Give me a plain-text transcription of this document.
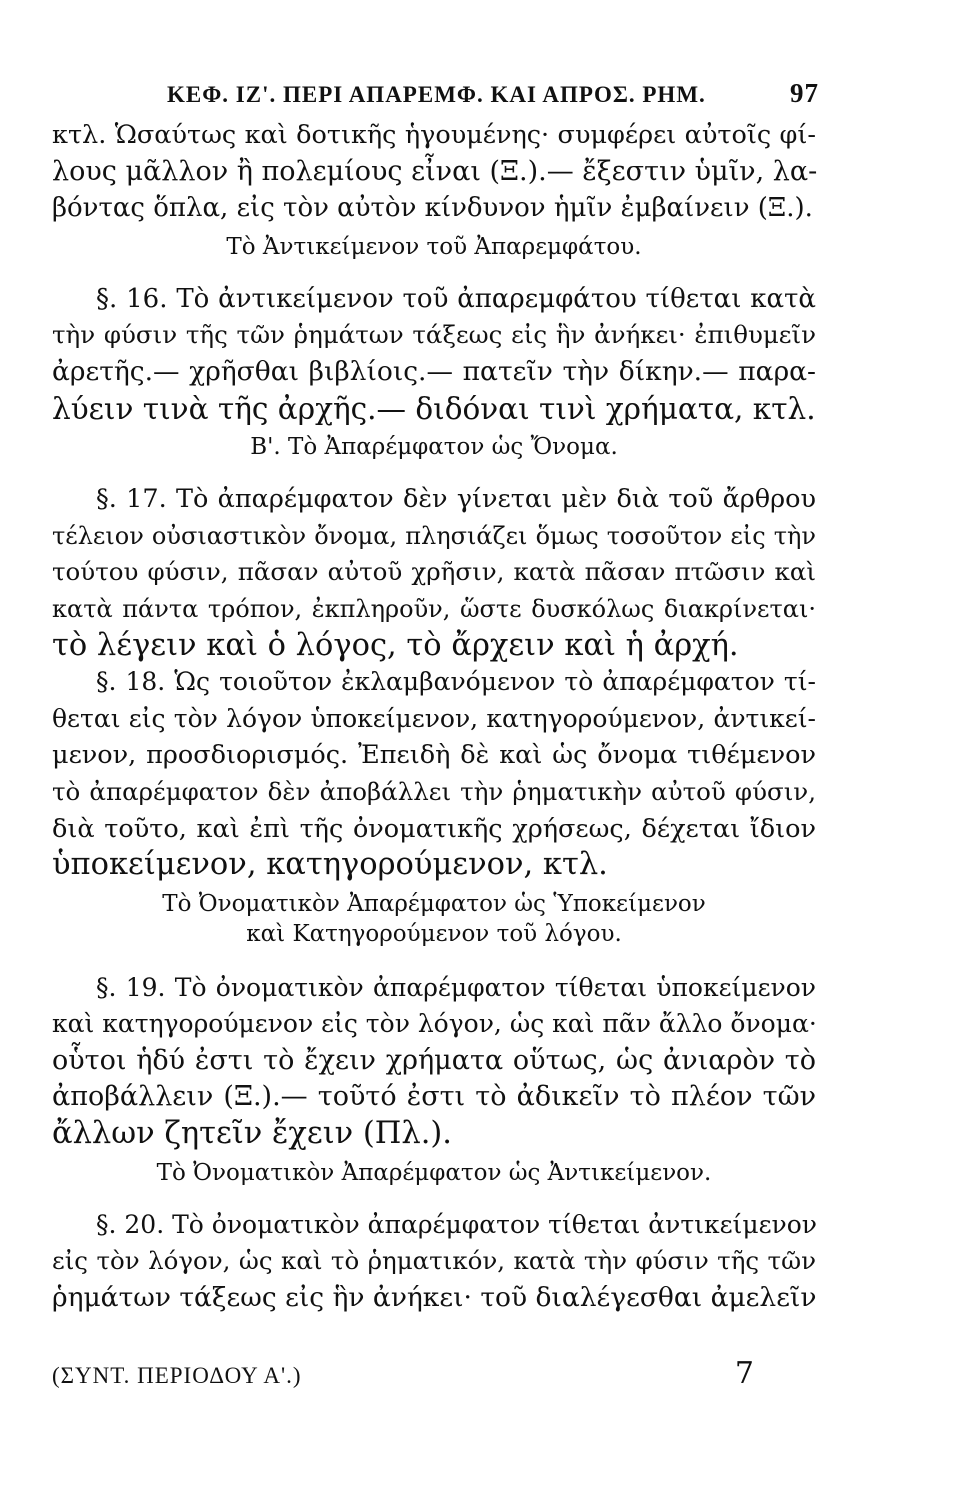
ΚΕΦ. ΙΖ'. ΠΕΡΙ ΑΠΑΡΕΜΦ. ΚΑΙ ΑΠΡΟΣ. ΡΗΜ.	97
κτλ. Ὡσαύτως καὶ δοτικῆς ἡγουμένης· συμφέρει αὐτοῖς φί-
λους μᾶλλον ἢ πολεμίους εἶναι (Ξ.).— ἔξεστιν ὑμῖν, λα-
βόντας ὅπλα, εἰς τὸν αὐτὸν κίνδυνον ἡμῖν ἐμβαίνειν (Ξ.).
Τὸ Ἀντικείμενον τοῦ Ἀπαρεμφάτου.
§. 16. Τὸ ἀντικείμενον τοῦ ἀπαρεμφάτου τίθεται κατὰ
τὴν φύσιν τῆς τῶν ῥημάτων τάξεως εἰς ἣν ἀνήκει· ἐπιθυμεῖν
ἀρετῆς.— χρῆσθαι βιβλίοις.— πατεῖν τὴν δίκην.— παρα-
λύειν τινὰ τῆς ἀρχῆς.— διδόναι τινὶ χρήματα, κτλ.
Β'. Τὸ Ἀπαρέμφατον ὡς Ὄνομα.
§. 17. Τὸ ἀπαρέμφατον δὲν γίνεται μὲν διὰ τοῦ ἄρθρου
τέλειον οὐσιαστικὸν ὄνομα, πλησιάζει ὅμως τοσοῦτον εἰς τὴν
τούτου φύσιν, πᾶσαν αὐτοῦ χρῆσιν, κατὰ πᾶσαν πτῶσιν καὶ
κατὰ πάντα τρόπον, ἐκπληροῦν, ὥστε δυσκόλως διακρίνεται·
τὸ λέγειν καὶ ὁ λόγος, τὸ ἄρχειν καὶ ἡ ἀρχή.
§. 18. Ὡς τοιοῦτον ἐκλαμβανόμενον τὸ ἀπαρέμφατον τί-
θεται εἰς τὸν λόγον ὑποκείμενον, κατηγορούμενον, ἀντικεί-
μενον, προσδιορισμός. Ἐπειδὴ δὲ καὶ ὡς ὄνομα τιθέμενον
τὸ ἀπαρέμφατον δὲν ἀποβάλλει τὴν ῥηματικὴν αὐτοῦ φύσιν,
διὰ τοῦτο, καὶ ἐπὶ τῆς ὀνοματικῆς χρήσεως, δέχεται ἴδιον
ὑποκείμενον, κατηγορούμενον, κτλ.
Τὸ Ὀνοματικὸν Ἀπαρέμφατον ὡς Ὑποκείμενον
καὶ Κατηγορούμενον τοῦ λόγου.
§. 19. Τὸ ὀνοματικὸν ἀπαρέμφατον τίθεται ὑποκείμενον
καὶ κατηγορούμενον εἰς τὸν λόγον, ὡς καὶ πᾶν ἄλλο ὄνομα·
οὗτοι ἡδύ ἐστι τὸ ἔχειν χρήματα οὕτως, ὡς ἀνιαρὸν τὸ
ἀποβάλλειν (Ξ.).— τοῦτό ἐστι τὸ ἀδικεῖν τὸ πλέον τῶν
ἄλλων ζητεῖν ἔχειν (Πλ.).
Τὸ Ὀνοματικὸν Ἀπαρέμφατον ὡς Ἀντικείμενον.
§. 20. Τὸ ὀνοματικὸν ἀπαρέμφατον τίθεται ἀντικείμενον
εἰς τὸν λόγον, ὡς καὶ τὸ ῥηματικόν, κατὰ τὴν φύσιν τῆς τῶν
ῥημάτων τάξεως εἰς ἣν ἀνήκει· τοῦ διαλέγεσθαι ἀμελεῖν
(ΣΥΝΤ. ΠΕΡΙΟΔΟΥ Α'.)	7
